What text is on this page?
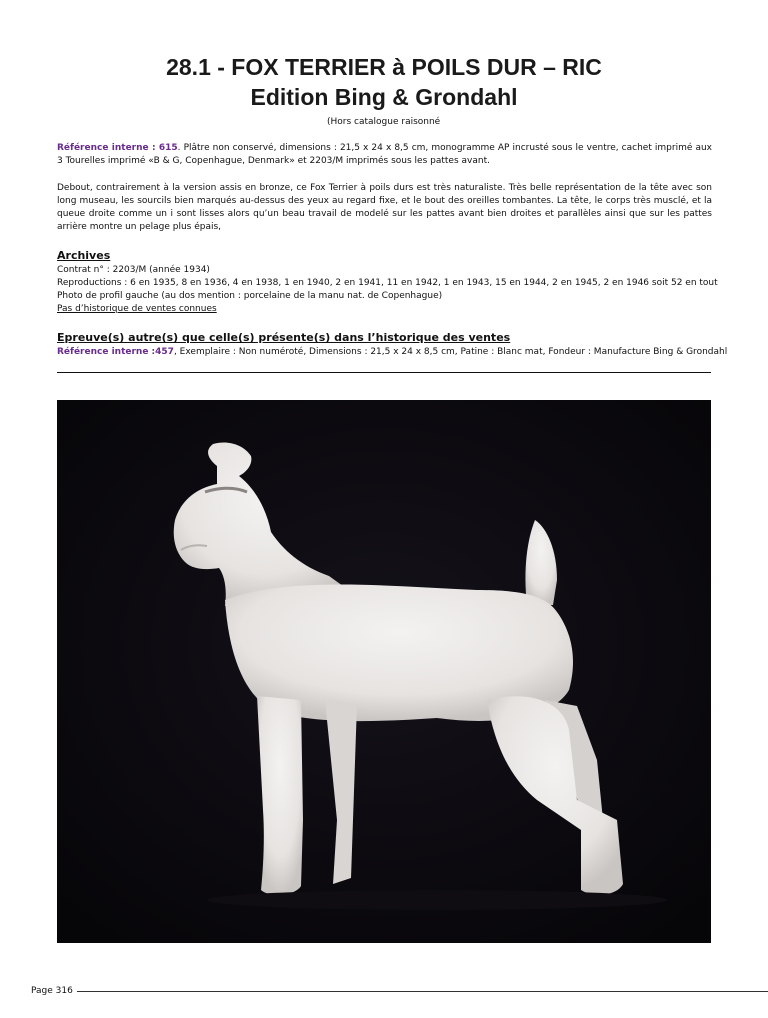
28.1 - FOX TERRIER à POILS DUR – RIC
Edition Bing & Grondahl
(Hors catalogue raisonné
Référence interne : 615. Plâtre non conservé, dimensions : 21,5 x 24 x 8,5 cm, monogramme AP incrusté sous le ventre, cachet imprimé aux 3 Tourelles imprimé «B & G, Copenhague, Denmark» et 2203/M imprimés sous les pattes avant.
Debout, contrairement à la version assis en bronze, ce Fox Terrier à poils durs est très naturaliste. Très belle représentation de la tête avec son long museau, les sourcils bien marqués au-dessus des yeux au regard fixe, et le bout des oreilles tombantes. La tête, le corps très musclé, et la queue droite comme un i sont lisses alors qu’un beau travail de modelé sur les pattes avant bien droites et parallèles ainsi que sur les pattes arrière montre un pelage plus épais,
Archives
Contrat n° : 2203/M (année 1934)
Reproductions : 6 en 1935, 8 en 1936, 4 en 1938, 1 en 1940, 2 en 1941, 11 en 1942, 1 en 1943, 15 en 1944, 2 en 1945, 2 en 1946 soit 52 en tout
Photo de profil gauche (au dos mention : porcelaine de la manu nat. de Copenhague)
Pas d’historique de ventes connues
Epreuve(s) autre(s) que celle(s) présente(s) dans l’historique des ventes
Référence interne :457, Exemplaire : Non numéroté, Dimensions : 21,5 x 24 x 8,5 cm, Patine : Blanc mat, Fondeur : Manufacture Bing & Grondahl
Page 316
